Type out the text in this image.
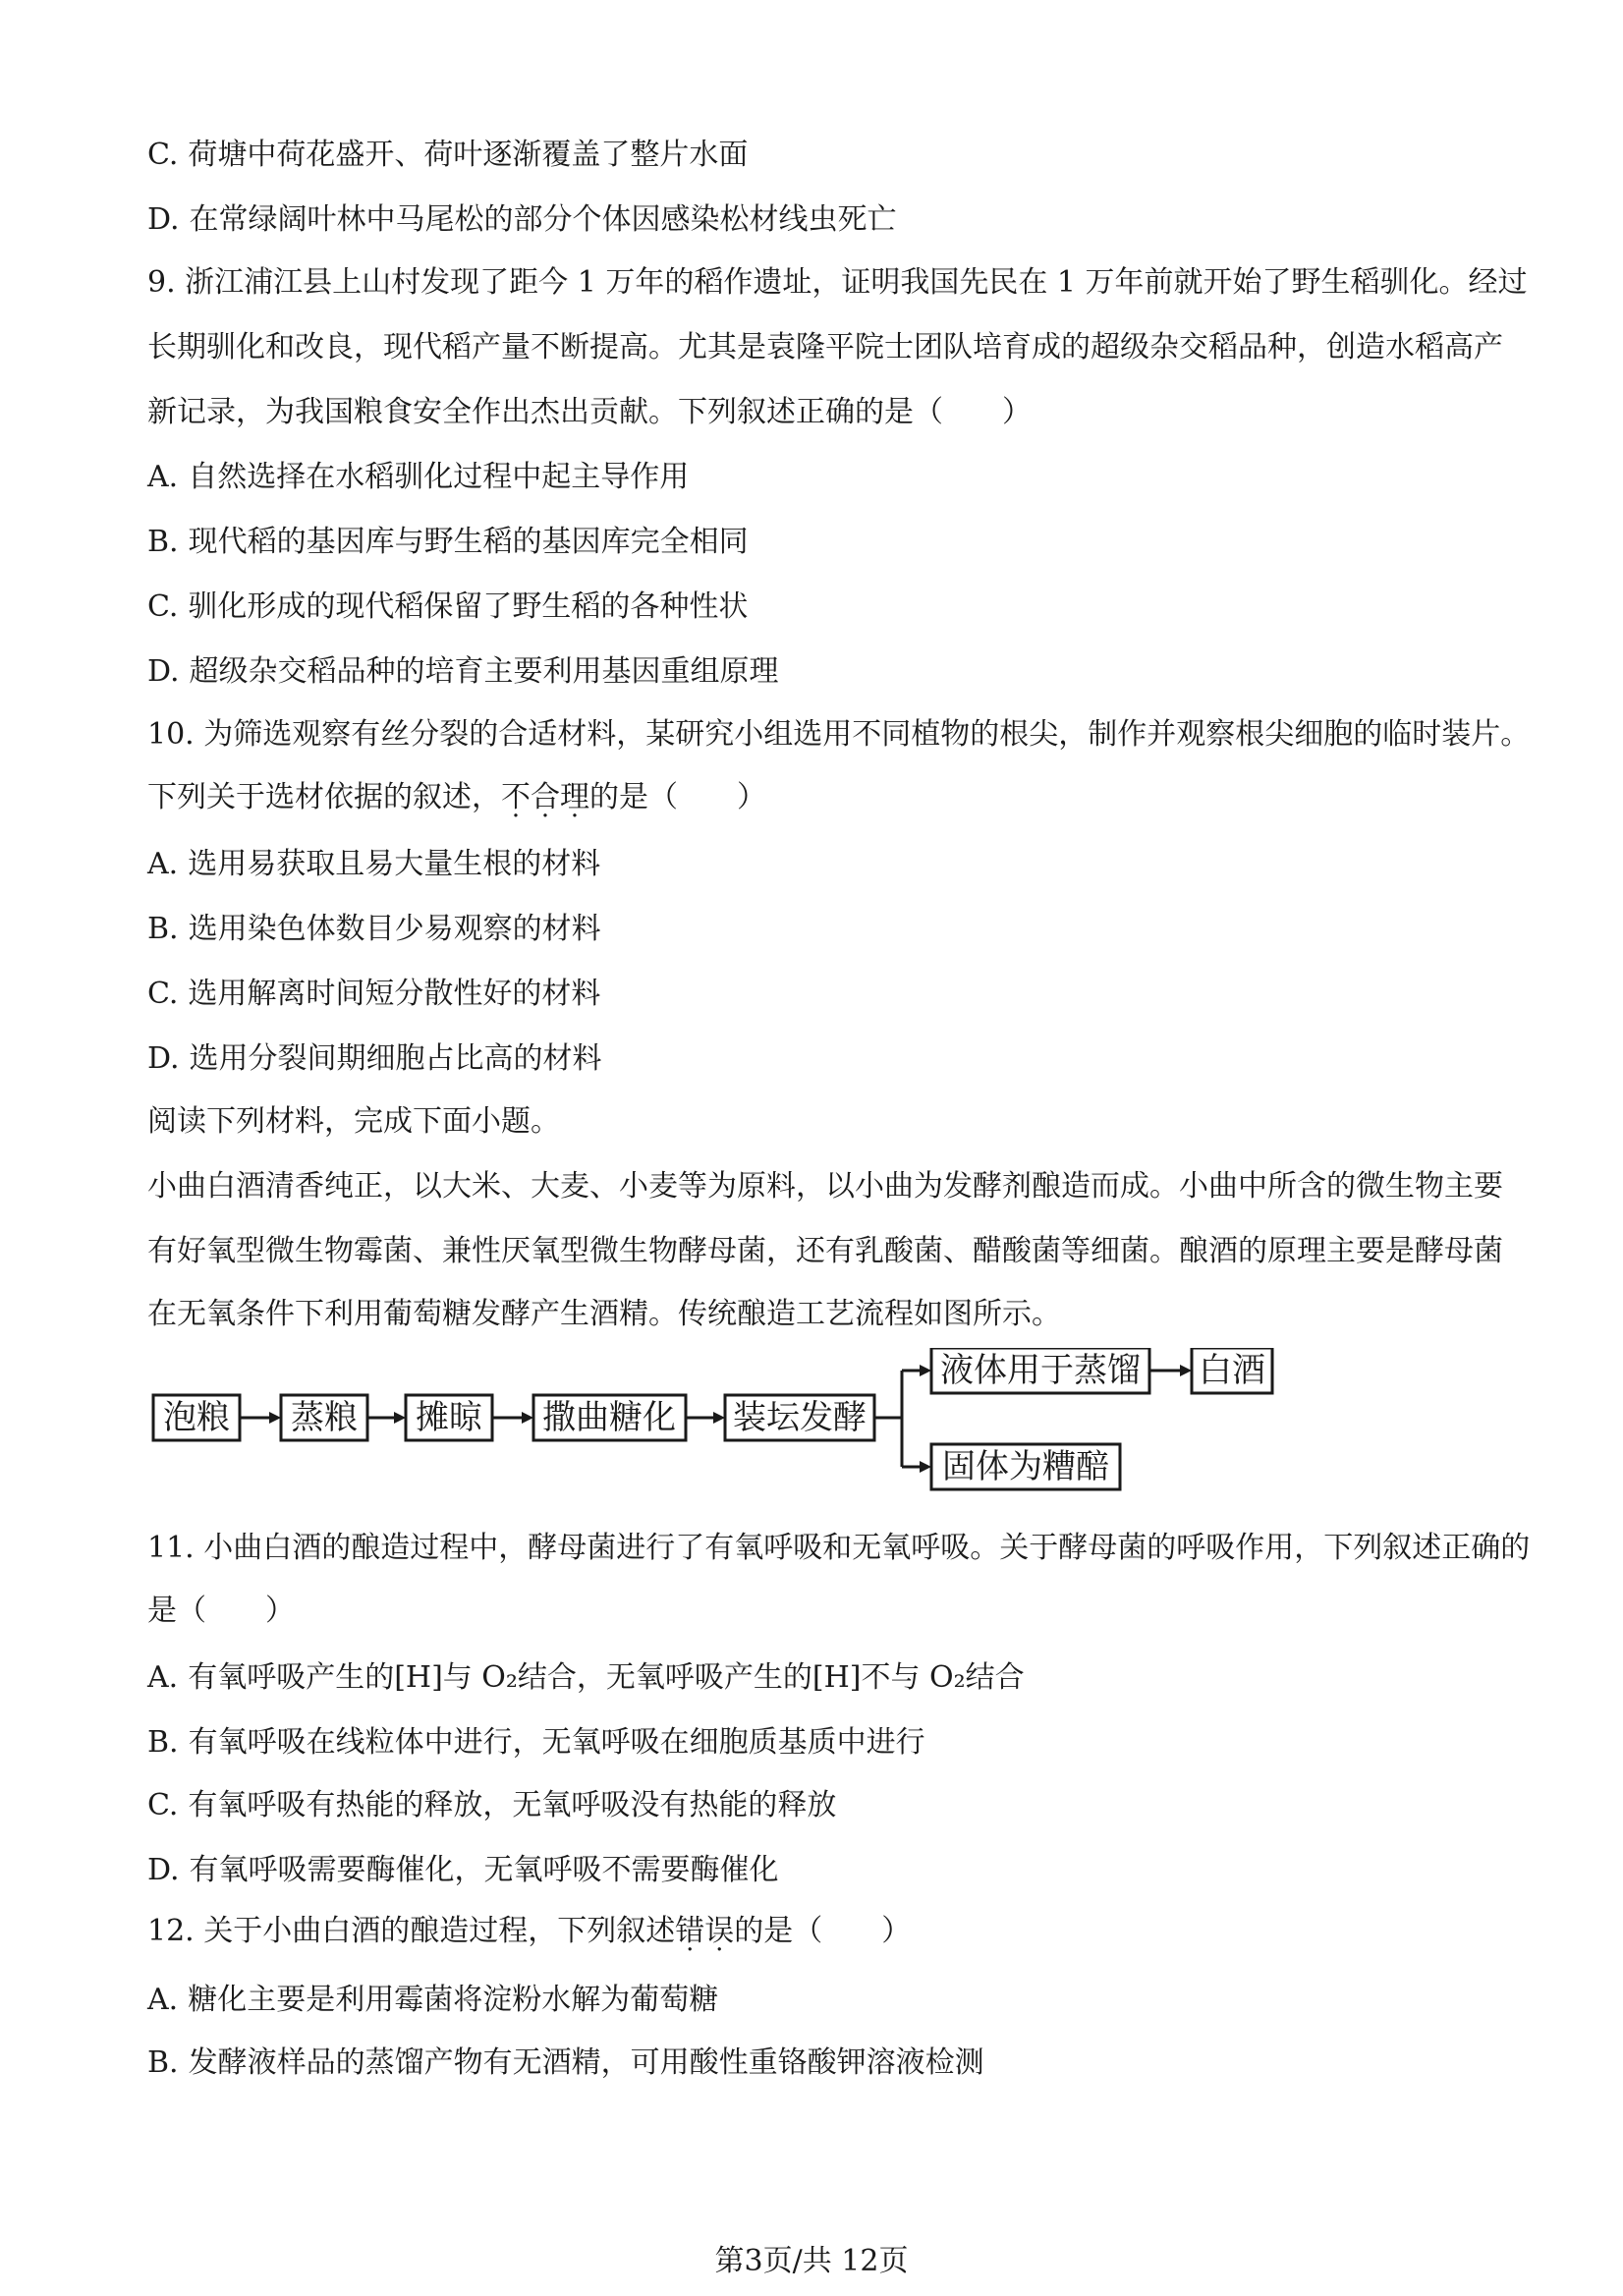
C. 荷塘中荷花盛开、荷叶逐渐覆盖了整片水面
D. 在常绿阔叶林中马尾松的部分个体因感染松材线虫死亡
9. 浙江浦江县上山村发现了距今 1 万年的稻作遗址，证明我国先民在 1 万年前就开始了野生稻驯化。经过
长期驯化和改良，现代稻产量不断提高。尤其是袁隆平院士团队培育成的超级杂交稻品种，创造水稻高产
新记录，为我国粮食安全作出杰出贡献。下列叙述正确的是（　　）
A. 自然选择在水稻驯化过程中起主导作用
B. 现代稻的基因库与野生稻的基因库完全相同
C. 驯化形成的现代稻保留了野生稻的各种性状
D. 超级杂交稻品种的培育主要利用基因重组原理
10. 为筛选观察有丝分裂的合适材料，某研究小组选用不同植物的根尖，制作并观察根尖细胞的临时装片。
下列关于选材依据的叙述，不合理的是（　　）
A. 选用易获取且易大量生根的材料
B. 选用染色体数目少易观察的材料
C. 选用解离时间短分散性好的材料
D. 选用分裂间期细胞占比高的材料
阅读下列材料，完成下面小题。
小曲白酒清香纯正，以大米、大麦、小麦等为原料，以小曲为发酵剂酿造而成。小曲中所含的微生物主要
有好氧型微生物霉菌、兼性厌氧型微生物酵母菌，还有乳酸菌、醋酸菌等细菌。酿酒的原理主要是酵母菌
在无氧条件下利用葡萄糖发酵产生酒精。传统酿造工艺流程如图所示。
泡粮 蒸粮 摊晾 撒曲糖化 装坛发酵
液体用于蒸馏 白酒
固体为糟醅
11. 小曲白酒的酿造过程中，酵母菌进行了有氧呼吸和无氧呼吸。关于酵母菌的呼吸作用，下列叙述正确的
是（　　）
A. 有氧呼吸产生的[H]与 O₂结合，无氧呼吸产生的[H]不与 O₂结合
B. 有氧呼吸在线粒体中进行，无氧呼吸在细胞质基质中进行
C. 有氧呼吸有热能的释放，无氧呼吸没有热能的释放
D. 有氧呼吸需要酶催化，无氧呼吸不需要酶催化
12. 关于小曲白酒的酿造过程，下列叙述错误的是（　　）
A. 糖化主要是利用霉菌将淀粉水解为葡萄糖
B. 发酵液样品的蒸馏产物有无酒精，可用酸性重铬酸钾溶液检测
第3页/共 12页
